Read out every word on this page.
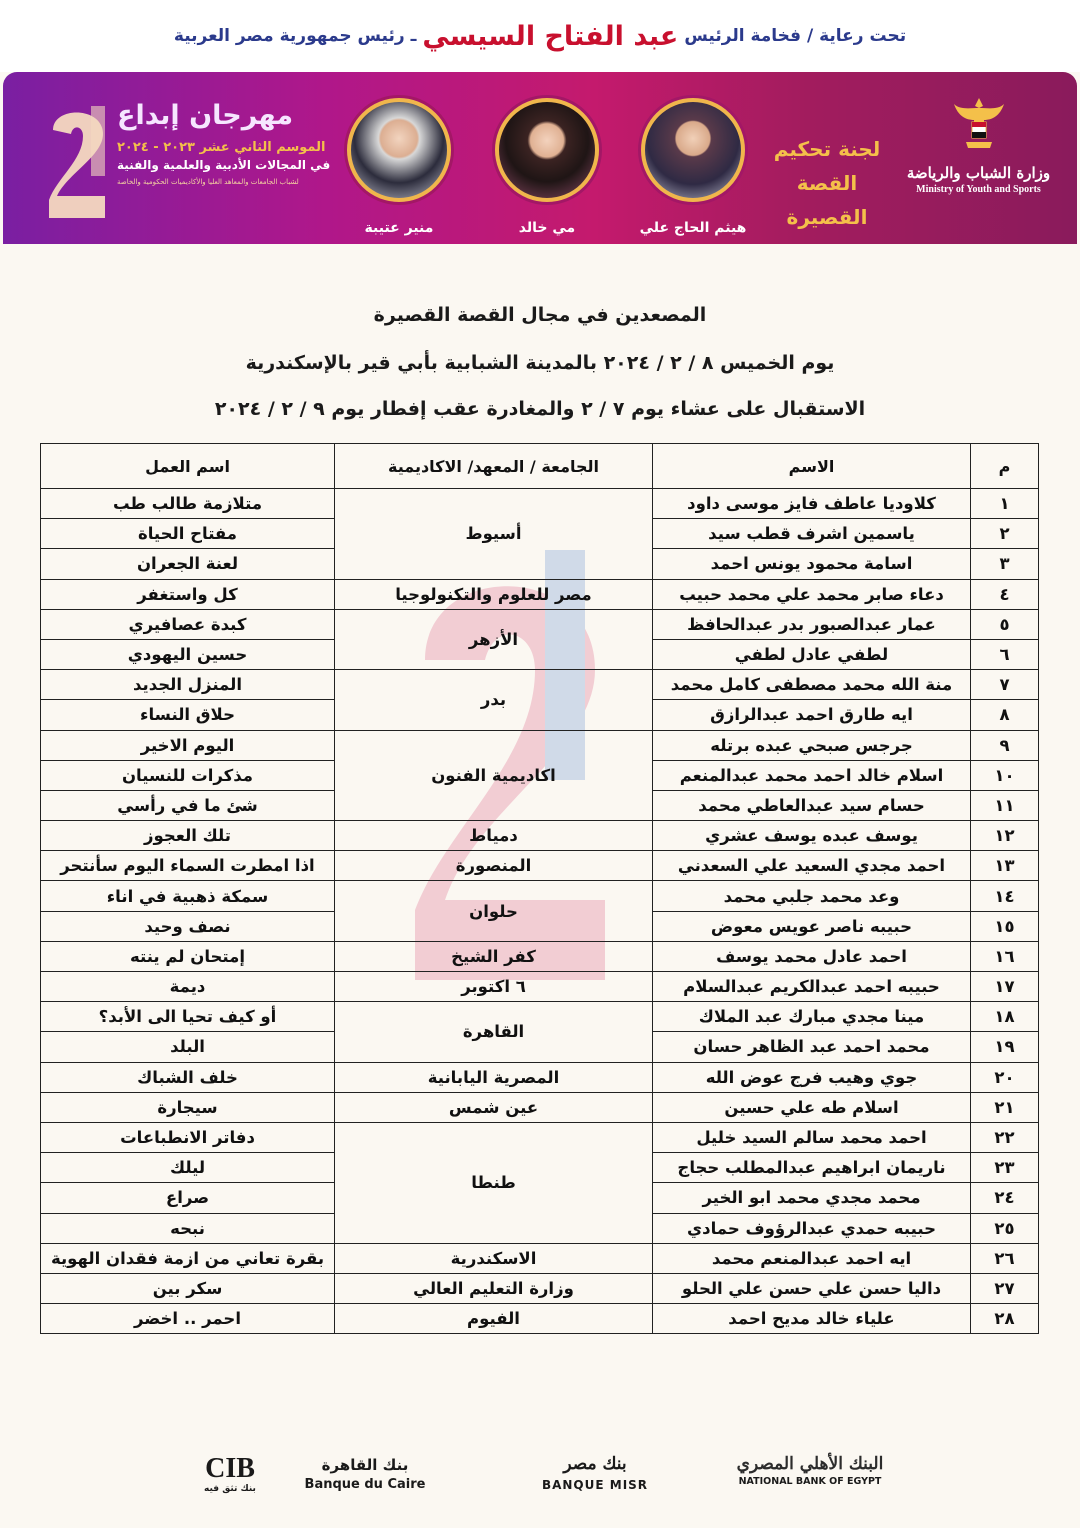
تحت رعاية / فخامة الرئيس
عبد الفتاح السيسي
ـ رئيس جمهورية مصر العربية
وزارة الشباب والرياضة
Ministry of Youth and Sports
لجنة تحكيم
القصة القصيرة
هيثم الحاج علي
مي خالد
منير عتيبة
مهرجان إبداع
الموسم الثاني عشر ٢٠٢٣ - ٢٠٢٤
في المجالات الأدبية والعلمية والفنية
لشباب الجامعات والمعاهد العليا والأكاديميات الحكومية والخاصة
المصعدين في مجال القصة القصيرة
يوم الخميس ٨ / ٢ / ٢٠٢٤ بالمدينة الشبابية بأبي قير بالإسكندرية
الاستقبال على عشاء يوم ٧ / ٢ والمغادرة عقب إفطار يوم ٩ / ٢ / ٢٠٢٤
م	الاسم	الجامعة / المعهد/ الاكاديمية	اسم العمل
١	كلاوديا عاطف فايز موسى داود	أسيوط	متلازمة طالب طب
٢	ياسمين اشرف قطب سيد		مفتاح الحياة
٣	اسامة محمود يونس احمد		لعنة الجعران
٤	دعاء صابر محمد علي محمد حبيب	مصر للعلوم والتكنولوجيا	كل واستغفر
٥	عمار عبدالصبور بدر عبدالحافظ	الأزهر	كبدة عصافيري
٦	لطفي عادل لطفي		حسين اليهودي
٧	منة الله محمد مصطفى كامل محمد	بدر	المنزل الجديد
٨	ايه طارق احمد عبدالرازق		حلاق النساء
٩	جرجس صبحي عبده برتله	اكاديمية الفنون	اليوم الاخير
١٠	اسلام خالد احمد محمد عبدالمنعم		مذكرات للنسيان
١١	حسام سيد عبدالعاطي محمد		شئ ما في رأسي
١٢	يوسف عبده يوسف عشري	دمياط	تلك العجوز
١٣	احمد مجدي السعيد علي السعدني	المنصورة	اذا امطرت السماء اليوم سأنتحر
١٤	وعد محمد جلبي محمد	حلوان	سمكة ذهبية في اناء
١٥	حبيبه ناصر عويس معوض		نصف وحيد
١٦	احمد عادل محمد يوسف	كفر الشيخ	إمتحان لم ينته
١٧	حبيبه احمد عبدالكريم عبدالسلام	٦ اكتوبر	ديمة
١٨	مينا مجدي مبارك عبد الملاك	القاهرة	أو كيف تحيا الى الأبد؟
١٩	محمد احمد عبد الظاهر حسان		البلد
٢٠	جوي وهيب فرج عوض الله	المصرية اليابانية	خلف الشباك
٢١	اسلام طه علي حسين	عين شمس	سيجارة
٢٢	احمد محمد سالم السيد خليل	طنطا	دفاتر الانطباعات
٢٣	ناريمان ابراهيم عبدالمطلب حجاج		ليلك
٢٤	محمد مجدي محمد ابو الخير		صراع
٢٥	حبيبه حمدي عبدالرؤوف حمادي		نبحه
٢٦	ايه احمد عبدالمنعم محمد	الاسكندرية	بقرة تعاني من ازمة فقدان الهوية
٢٧	داليا حسن علي حسن علي الحلو	وزارة التعليم العالي	سكر بين
٢٨	علياء خالد مديح احمد	الفيوم	احمر .. اخضر
البنك الأهلي المصري
NATIONAL BANK OF EGYPT
بنك مصر
BANQUE MISR
بنك القاهرة
Banque du Caire
CIB
بنك تثق فيه
